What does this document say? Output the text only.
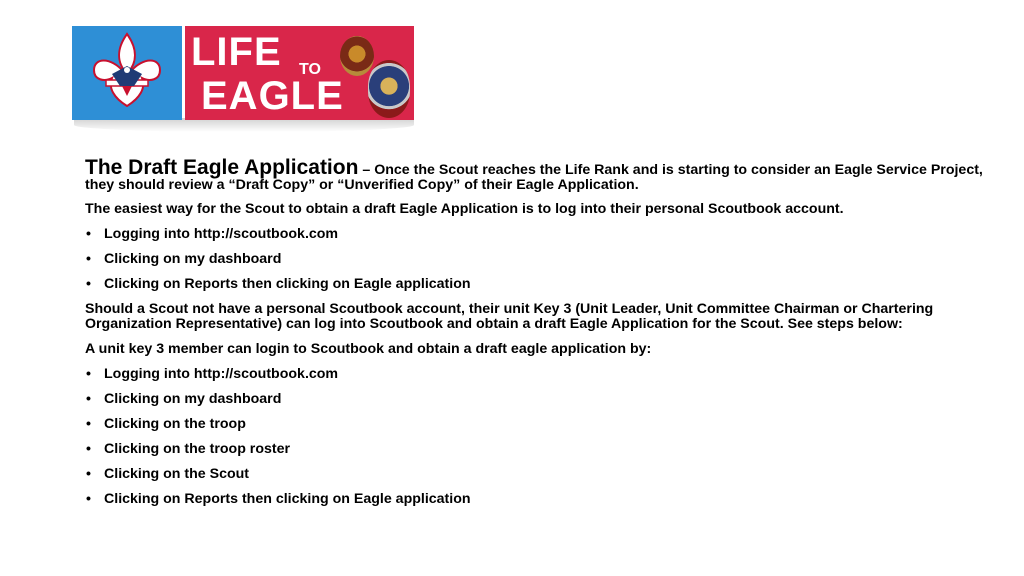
LIFE TO
EAGLE

The Draft Eagle Application – Once the Scout reaches the Life Rank and is starting to consider an Eagle Service Project, they should review a “Draft Copy” or “Unverified Copy” of their Eagle Application.

The easiest way for the Scout to obtain a draft Eagle Application is to log into their personal Scoutbook account.

• Logging into http://scoutbook.com
• Clicking on my dashboard
• Clicking on Reports then clicking on Eagle application

Should a Scout not have a personal Scoutbook account, their unit Key 3 (Unit Leader, Unit Committee Chairman or Chartering Organization Representative) can log into Scoutbook and obtain a draft Eagle Application for the Scout. See steps below:

A unit key 3 member can login to Scoutbook and obtain a draft eagle application by:

• Logging into http://scoutbook.com
• Clicking on my dashboard
• Clicking on the troop
• Clicking on the troop roster
• Clicking on the Scout
• Clicking on Reports then clicking on Eagle application
